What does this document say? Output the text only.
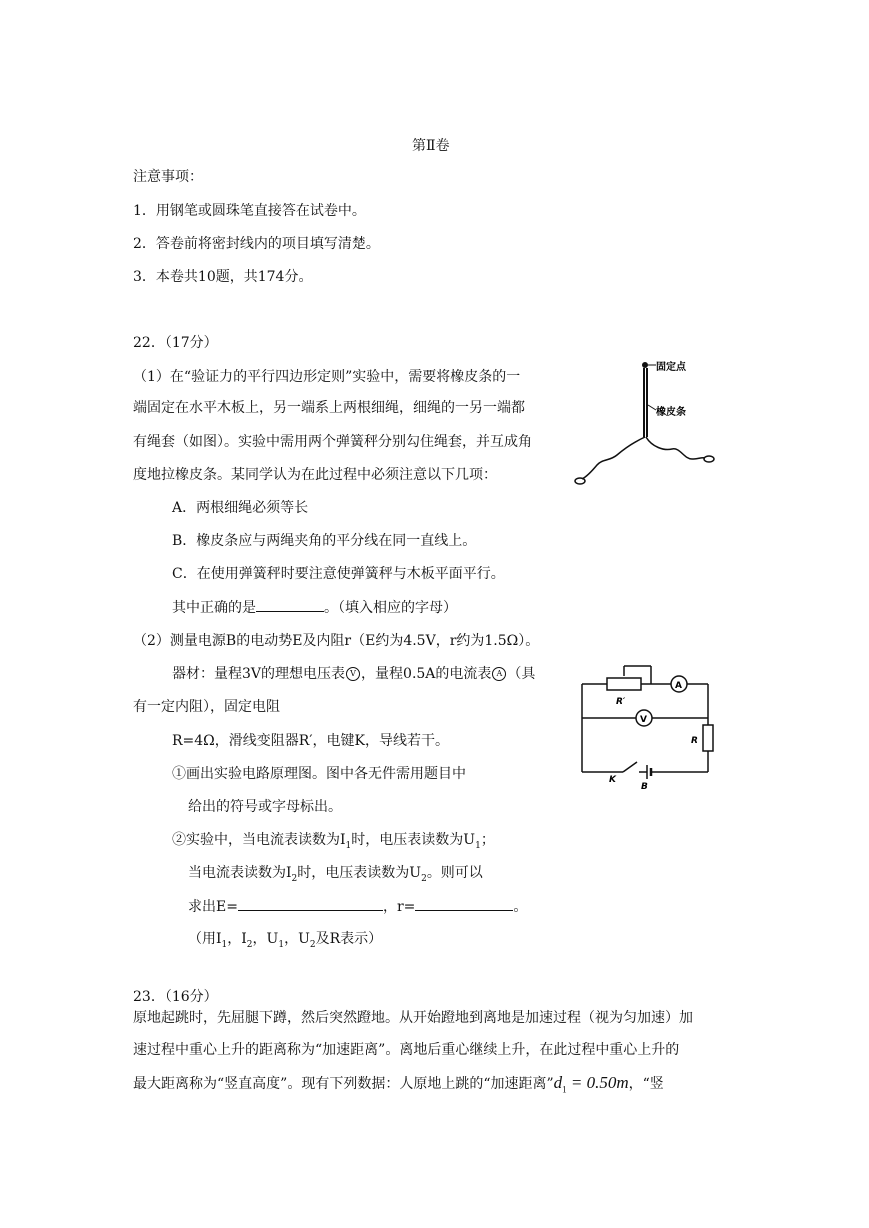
第Ⅱ卷
注意事项：
1．用钢笔或圆珠笔直接答在试卷中。
2．答卷前将密封线内的项目填写清楚。
3．本卷共10题，共174分。
22．（17分）
（1）在“验证力的平行四边形定则”实验中，需要将橡皮条的一
端固定在水平木板上，另一端系上两根细绳，细绳的一另一端都
有绳套（如图）。实验中需用两个弹簧秤分别勾住绳套，并互成角
度地拉橡皮条。某同学认为在此过程中必须注意以下几项：
A．两根细绳必须等长
B．橡皮条应与两绳夹角的平分线在同一直线上。
C．在使用弹簧秤时要注意使弹簧秤与木板平面平行。
其中正确的是	。（填入相应的字母）
固定点
橡皮条
（2）测量电源B的电动势E及内阻r（E约为4.5V，r约为1.5Ω）。
器材：量程3V的理想电压表 V ，量程0.5A的电流表 A （具
有一定内阻），固定电阻
R=4Ω，滑线变阻器R′，电键K，导线若干。
①画出实验电路原理图。图中各无件需用题目中
给出的符号或字母标出。
②实验中，当电流表读数为$I_1$时，电压表读数为$U_1$；
当电流表读数为$I_2$时，电压表读数为$U_2$。则可以
求出E=	，r=	。
（用$I_1$，$I_2$，$U_1$，$U_2$及R表示）
R′
A
V
R
K
B
23．（16分）
原地起跳时，先屈腿下蹲，然后突然蹬地。从开始蹬地到离地是加速过程（视为匀加速）加
速过程中重心上升的距离称为“加速距离”。离地后重心继续上升，在此过程中重心上升的
最大距离称为“竖直高度”。现有下列数据：人原地上跳的“加速距离$”d_1 = 0.50m$，“竖
